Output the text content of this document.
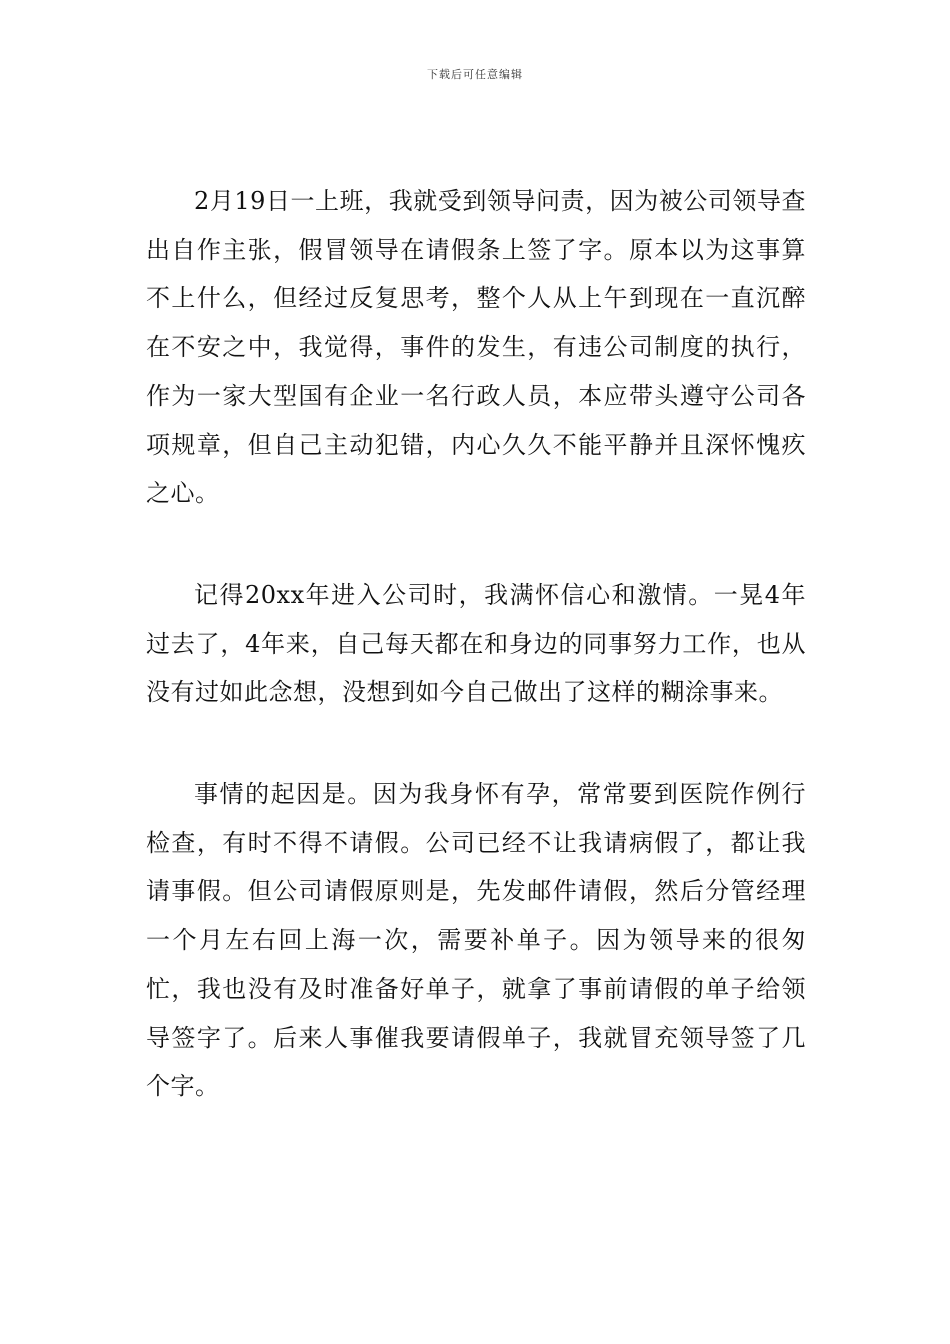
下载后可任意编辑

2月19日一上班，我就受到领导问责，因为被公司领导查出自作主张，假冒领导在请假条上签了字。原本以为这事算不上什么，但经过反复思考，整个人从上午到现在一直沉醉在不安之中，我觉得，事件的发生，有违公司制度的执行，作为一家大型国有企业一名行政人员，本应带头遵守公司各项规章，但自己主动犯错，内心久久不能平静并且深怀愧疚之心。

记得20xx年进入公司时，我满怀信心和激情。一晃4年过去了，4年来，自己每天都在和身边的同事努力工作，也从没有过如此念想，没想到如今自己做出了这样的糊涂事来。

事情的起因是。因为我身怀有孕，常常要到医院作例行检查，有时不得不请假。公司已经不让我请病假了，都让我请事假。但公司请假原则是，先发邮件请假，然后分管经理一个月左右回上海一次，需要补单子。因为领导来的很匆忙，我也没有及时准备好单子，就拿了事前请假的单子给领导签字了。后来人事催我要请假单子，我就冒充领导签了几个字。
